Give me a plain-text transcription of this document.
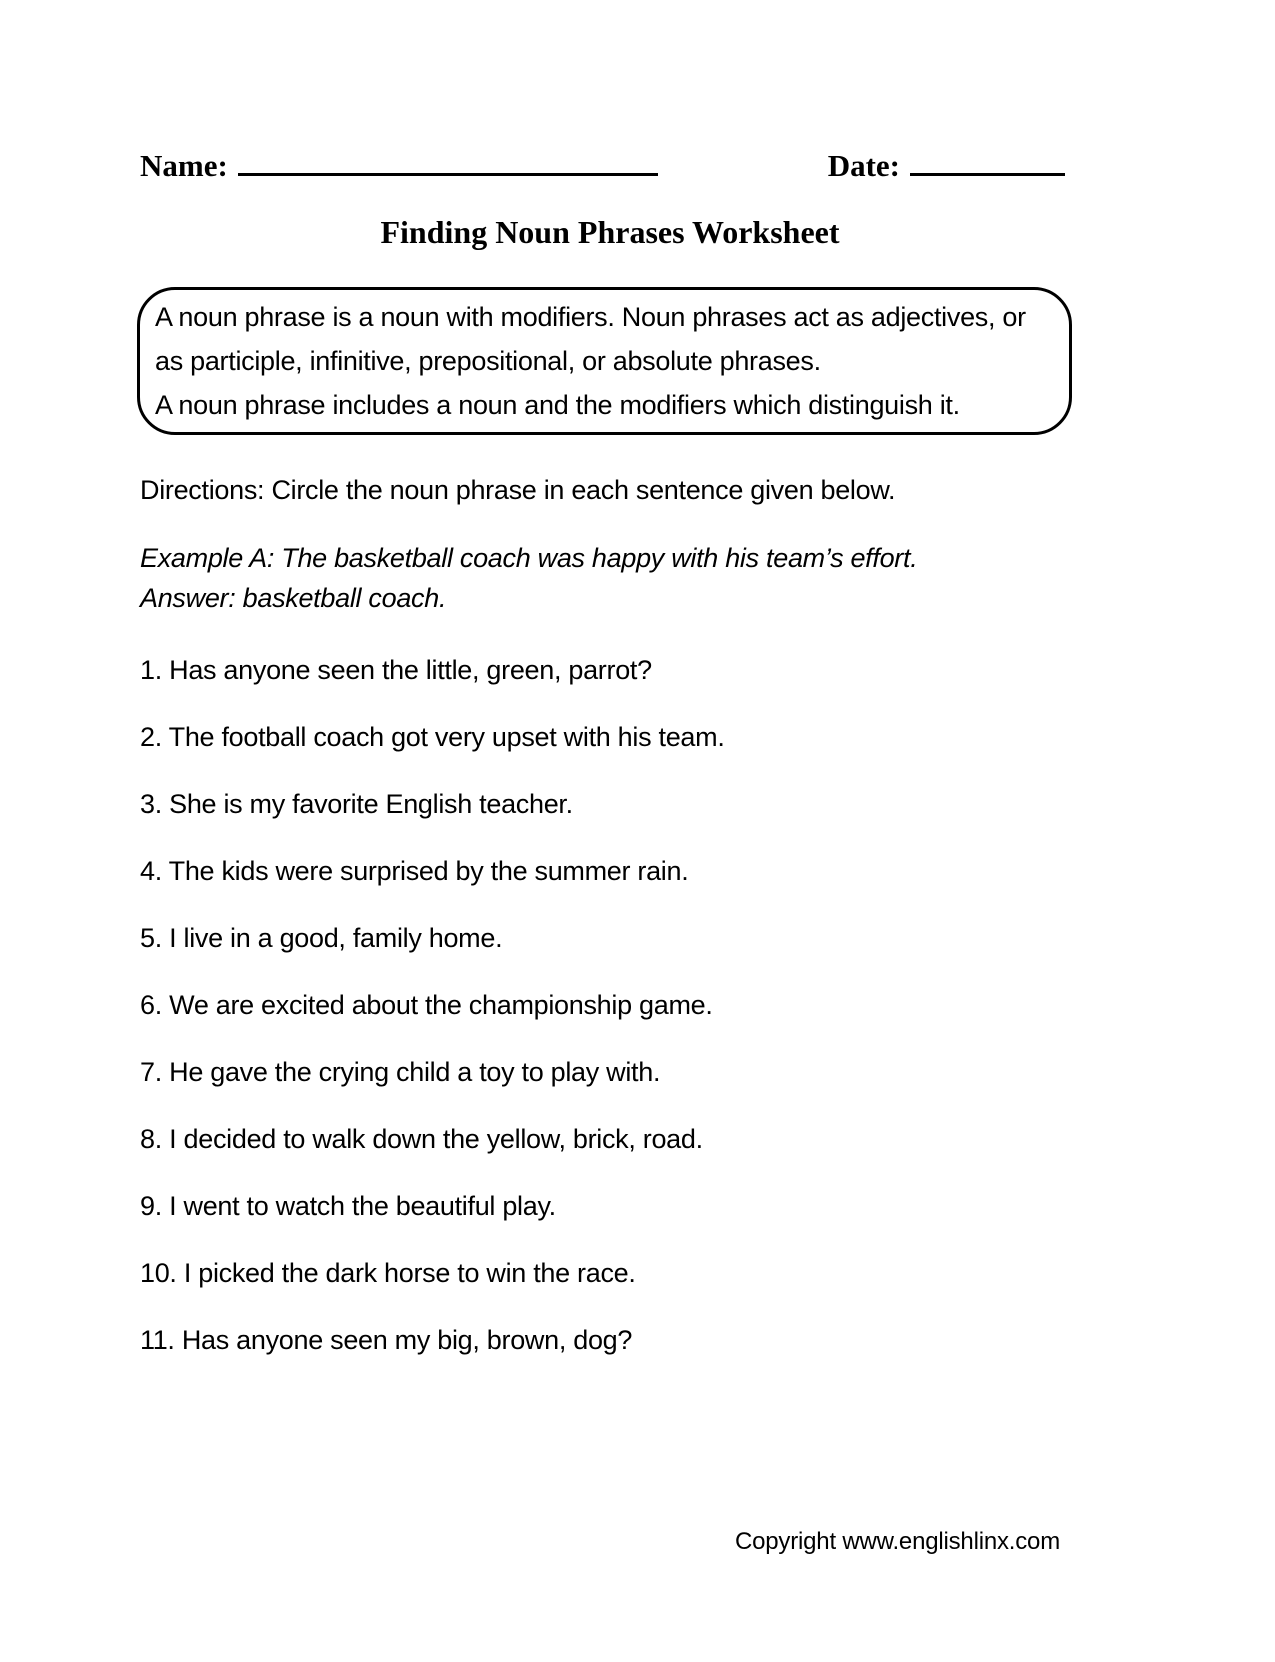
Name:	Date:
Finding Noun Phrases Worksheet

A noun phrase is a noun with modifiers. Noun phrases act as adjectives, or as participle, infinitive, prepositional, or absolute phrases.

A noun phrase includes a noun and the modifiers which distinguish it.

Directions: Circle the noun phrase in each sentence given below.

Example A: The basketball coach was happy with his team’s effort.

Answer: basketball coach.

1. Has anyone seen the little, green, parrot?
2. The football coach got very upset with his team.
3. She is my favorite English teacher.
4. The kids were surprised by the summer rain.
5. I live in a good, family home.
6. We are excited about the championship game.
7. He gave the crying child a toy to play with.
8. I decided to walk down the yellow, brick, road.
9. I went to watch the beautiful play.
10. I picked the dark horse to win the race.
11. Has anyone seen my big, brown, dog?
Copyright www.englishlinx.com
